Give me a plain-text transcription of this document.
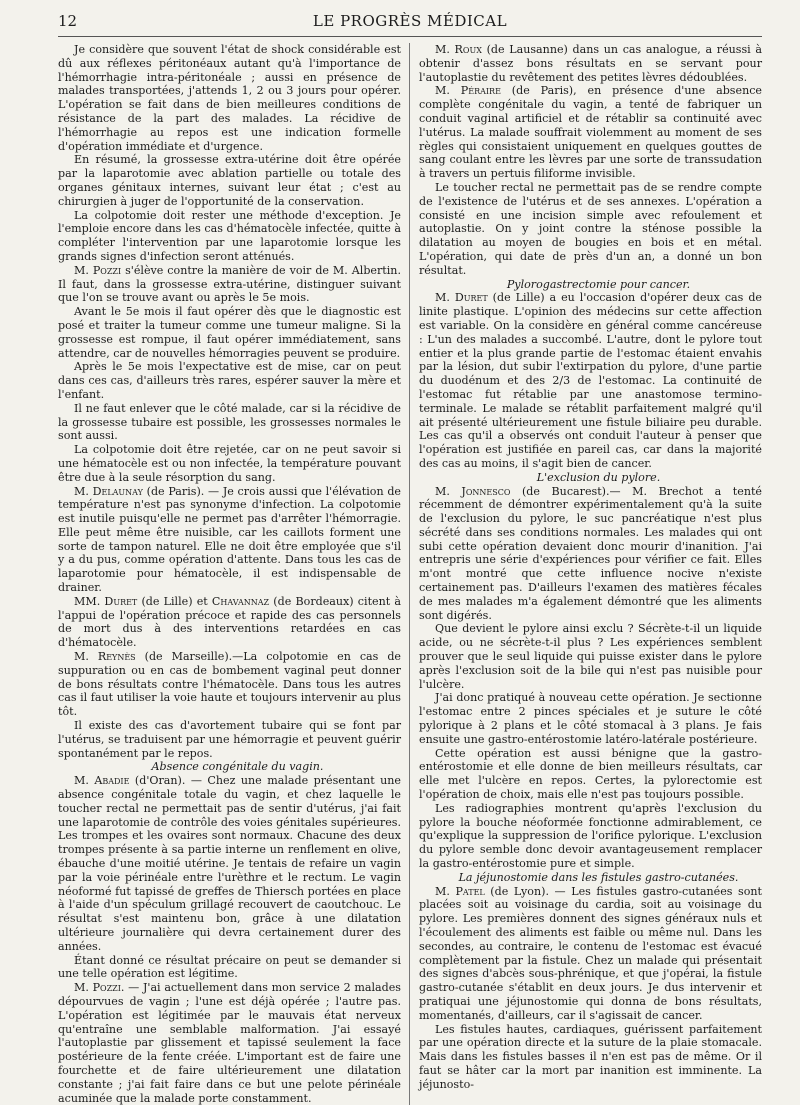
12	LE PROGRÈS MÉDICAL

Je considère que souvent l'état de shock considérable est dû aux réflexes péritonéaux autant qu'à l'importance de l'hémorrhagie intra-péritonéale ; aussi en présence de malades transportées, j'attends 1, 2 ou 3 jours pour opérer. L'opération se fait dans de bien meilleures conditions de résistance de la part des malades. La récidive de l'hémorrhagie au repos est une indication formelle d'opération immédiate et d'urgence.

En résumé, la grossesse extra-utérine doit être opérée par la laparotomie avec ablation partielle ou totale des organes génitaux internes, suivant leur état ; c'est au chirurgien à juger de l'opportunité de la conservation.

La colpotomie doit rester une méthode d'exception. Je l'emploie encore dans les cas d'hématocèle infectée, quitte à compléter l'intervention par une laparotomie lorsque les grands signes d'infection seront atténués.

M. Pozzi s'élève contre la manière de voir de M. Albertin. Il faut, dans la grossesse extra-utérine, distinguer suivant que l'on se trouve avant ou après le 5e mois.

Avant le 5e mois il faut opérer dès que le diagnostic est posé et traiter la tumeur comme une tumeur maligne. Si la grossesse est rompue, il faut opérer immédiatement, sans attendre, car de nouvelles hémorragies peuvent se produire.

Après le 5e mois l'expectative est de mise, car on peut dans ces cas, d'ailleurs très rares, espérer sauver la mère et l'enfant.

Il ne faut enlever que le côté malade, car si la récidive de la grossesse tubaire est possible, les grossesses normales le sont aussi.

La colpotomie doit être rejetée, car on ne peut savoir si une hématocèle est ou non infectée, la température pouvant être due à la seule résorption du sang.

M. Delaunay (de Paris). — Je crois aussi que l'élévation de température n'est pas synonyme d'infection. La colpotomie est inutile puisqu'elle ne permet pas d'arrêter l'hémorragie. Elle peut même être nuisible, car les caillots forment une sorte de tampon naturel. Elle ne doit être employée que s'il y a du pus, comme opération d'attente. Dans tous les cas de laparotomie pour hématocèle, il est indispensable de drainer.

MM. Duret (de Lille) et Chavannaz (de Bordeaux) citent à l'appui de l'opération précoce et rapide des cas personnels de mort dus à des interventions retardées en cas d'hématocèle.

M. Reynès (de Marseille).—La colpotomie en cas de suppuration ou en cas de bombement vaginal peut donner de bons résultats contre l'hématocèle. Dans tous les autres cas il faut utiliser la voie haute et toujours intervenir au plus tôt.

Il existe des cas d'avortement tubaire qui se font par l'utérus, se traduisent par une hémorragie et peuvent guérir spontanément par le repos.

Absence congénitale du vagin.

M. Abadie (d'Oran). — Chez une malade présentant une absence congénitale totale du vagin, et chez laquelle le toucher rectal ne permettait pas de sentir d'utérus, j'ai fait une laparotomie de contrôle des voies génitales supérieures. Les trompes et les ovaires sont normaux. Chacune des deux trompes présente à sa partie interne un renflement en olive, ébauche d'une moitié utérine. Je tentais de refaire un vagin par la voie périnéale entre l'urèthre et le rectum. Le vagin néoformé fut tapissé de greffes de Thiersch portées en place à l'aide d'un spéculum grillagé recouvert de caoutchouc. Le résultat s'est maintenu bon, grâce à une dilatation ultérieure journalière qui devra certainement durer des années.

Étant donné ce résultat précaire on peut se demander si une telle opération est légitime.

M. Pozzi. — J'ai actuellement dans mon service 2 malades dépourvues de vagin ; l'une est déjà opérée ; l'autre pas. L'opération est légitimée par le mauvais état nerveux qu'entraîne une semblable malformation. J'ai essayé l'autoplastie par glissement et tapissé seulement la face postérieure de la fente créée. L'important est de faire une fourchette et de faire ultérieurement une dilatation constante ; j'ai fait faire dans ce but une pelote périnéale acuminée que la malade porte constamment.

M. Roux (de Lausanne) dans un cas analogue, a réussi à obtenir d'assez bons résultats en se servant pour l'autoplastie du revêtement des petites lèvres dédoublées.

M. Péraire (de Paris), en présence d'une absence complète congénitale du vagin, a tenté de fabriquer un conduit vaginal artificiel et de rétablir sa continuité avec l'utérus. La malade souffrait violemment au moment de ses règles qui consistaient uniquement en quelques gouttes de sang coulant entre les lèvres par une sorte de transsudation à travers un pertuis filiforme invisible.

Le toucher rectal ne permettait pas de se rendre compte de l'existence de l'utérus et de ses annexes. L'opération a consisté en une incision simple avec refoulement et autoplastie. On y joint contre la sténose possible la dilatation au moyen de bougies en bois et en métal. L'opération, qui date de près d'un an, a donné un bon résultat.

Pylorogastrectomie pour cancer.

M. Duret (de Lille) a eu l'occasion d'opérer deux cas de linite plastique. L'opinion des médecins sur cette affection est variable. On la considère en général comme cancéreuse : L'un des malades a succombé. L'autre, dont le pylore tout entier et la plus grande partie de l'estomac étaient envahis par la lésion, dut subir l'extirpation du pylore, d'une partie du duodénum et des 2/3 de l'estomac. La continuité de l'estomac fut rétablie par une anastomose termino-terminale. Le malade se rétablit parfaitement malgré qu'il ait présenté ultérieurement une fistule biliaire peu durable. Les cas qu'il a observés ont conduit l'auteur à penser que l'opération est justifiée en pareil cas, car dans la majorité des cas au moins, il s'agit bien de cancer.

L'exclusion du pylore.

M. Jonnesco (de Bucarest).— M. Brechot a tenté récemment de démontrer expérimentalement qu'à la suite de l'exclusion du pylore, le suc pancréatique n'est plus sécrété dans ses conditions normales. Les malades qui ont subi cette opération devaient donc mourir d'inanition. J'ai entrepris une série d'expériences pour vérifier ce fait. Elles m'ont montré que cette influence nocive n'existe certainement pas. D'ailleurs l'examen des matières fécales de mes malades m'a également démontré que les aliments sont digérés.

Que devient le pylore ainsi exclu ? Sécrète-t-il un liquide acide, ou ne sécrète-t-il plus ? Les expériences semblent prouver que le seul liquide qui puisse exister dans le pylore après l'exclusion soit de la bile qui n'est pas nuisible pour l'ulcère.

J'ai donc pratiqué à nouveau cette opération. Je sectionne l'estomac entre 2 pinces spéciales et je suture le côté pylorique à 2 plans et le côté stomacal à 3 plans. Je fais ensuite une gastro-entérostomie latéro-latérale postérieure.

Cette opération est aussi bénigne que la gastro-entérostomie et elle donne de bien meilleurs résultats, car elle met l'ulcère en repos. Certes, la pylorectomie est l'opération de choix, mais elle n'est pas toujours possible.

Les radiographies montrent qu'après l'exclusion du pylore la bouche néoformée fonctionne admirablement, ce qu'explique la suppression de l'orifice pylorique. L'exclusion du pylore semble donc devoir avantageusement remplacer la gastro-entérostomie pure et simple.

La jéjunostomie dans les fistules gastro-cutanées.

M. Patel (de Lyon). — Les fistules gastro-cutanées sont placées soit au voisinage du cardia, soit au voisinage du pylore. Les premières donnent des signes généraux nuls et l'écoulement des aliments est faible ou même nul. Dans les secondes, au contraire, le contenu de l'estomac est évacué complètement par la fistule. Chez un malade qui présentait des signes d'abcès sous-phrénique, et que j'opérai, la fistule gastro-cutanée s'établit en deux jours. Je dus intervenir et pratiquai une jéjunostomie qui donna de bons résultats, momentanés, d'ailleurs, car il s'agissait de cancer.

Les fistules hautes, cardiaques, guérissent parfaitement par une opération directe et la suture de la plaie stomacale. Mais dans les fistules basses il n'en est pas de même. Or il faut se hâter car la mort par inanition est imminente. La jéjunosto-
